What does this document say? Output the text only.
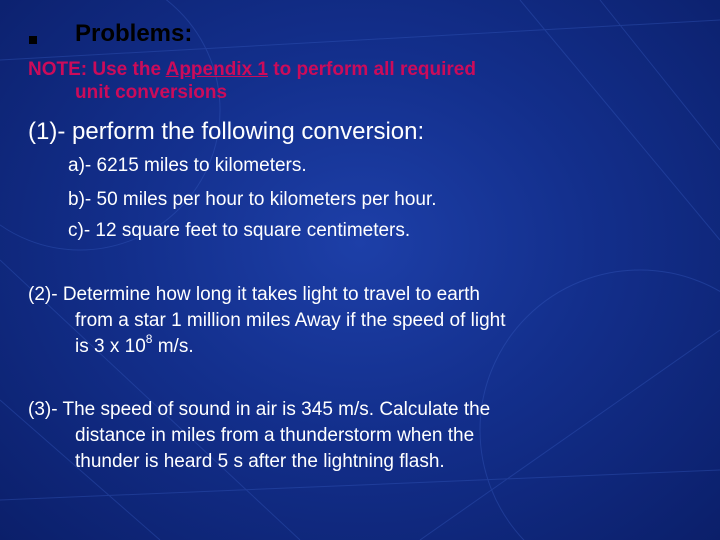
Problems:
NOTE: Use the Appendix 1 to perform all required
unit conversions
(1)- perform the following conversion:
a)- 6215 miles to kilometers.
b)- 50 miles per hour to kilometers per hour.
c)- 12 square feet to square centimeters.
(2)- Determine how long it takes light to travel to earth
from a star 1 million miles Away if the speed of light
is 3 x $10^8$ m/s.
(3)- The speed of sound in air is 345 m/s. Calculate the
distance in miles from a thunderstorm when the
thunder is heard 5 s after the lightning flash.
